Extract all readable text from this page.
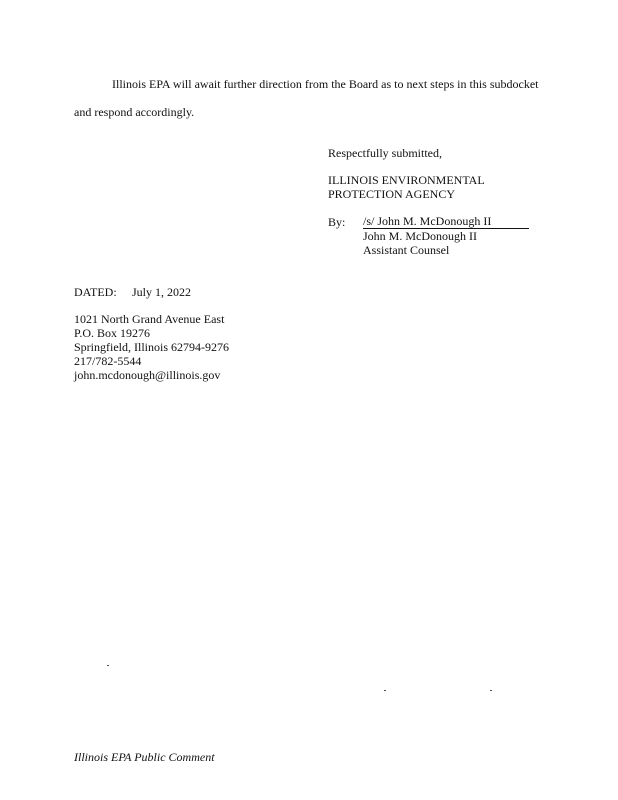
Illinois EPA will await further direction from the Board as to next steps in this subdocket
and respond accordingly.
Respectfully submitted,
ILLINOIS ENVIRONMENTAL
PROTECTION AGENCY
By: /s/ John M. McDonough II
John M. McDonough II
Assistant Counsel
DATED: July 1, 2022
1021 North Grand Avenue East
P.O. Box 19276
Springfield, Illinois 62794-9276
217/782-5544
john.mcdonough@illinois.gov
Illinois EPA Public Comment
